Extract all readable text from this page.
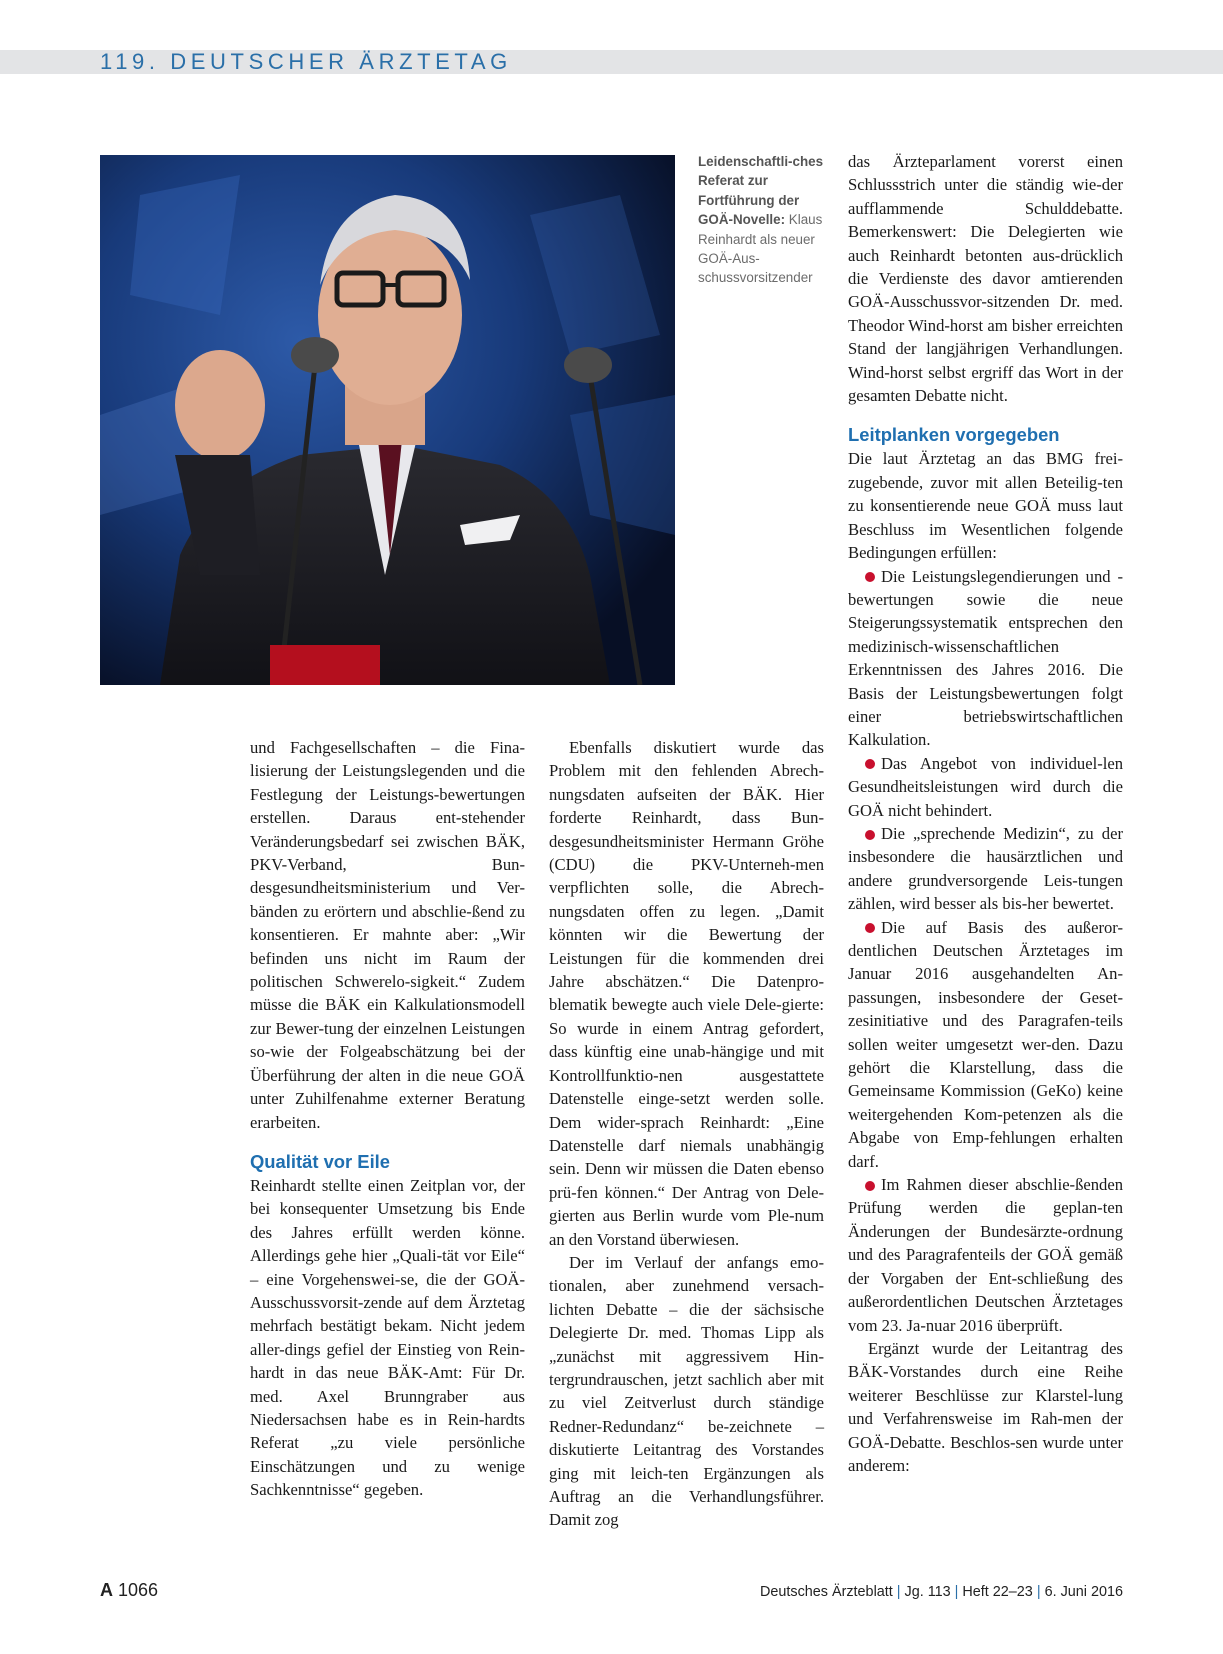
119. DEUTSCHER ÄRZTETAG
Leidenschaftli-ches Referat zur Fortführung der GOÄ-Novelle: Klaus Reinhardt als neuer GOÄ-Aus-schussvorsitzender

und Fachgesellschaften – die Fina-lisierung der Leistungslegenden und die Festlegung der Leistungs-bewertungen erstellen. Daraus ent-stehender Veränderungsbedarf sei zwischen BÄK, PKV-Verband, Bun-desgesundheitsministerium und Ver-bänden zu erörtern und abschlie-ßend zu konsentieren. Er mahnte aber: „Wir befinden uns nicht im Raum der politischen Schwerelo-sigkeit.“ Zudem müsse die BÄK ein Kalkulationsmodell zur Bewer-tung der einzelnen Leistungen so-wie der Folgeabschätzung bei der Überführung der alten in die neue GOÄ unter Zuhilfenahme externer Beratung erarbeiten.

Qualität vor Eile

Reinhardt stellte einen Zeitplan vor, der bei konsequenter Umsetzung bis Ende des Jahres erfüllt werden könne. Allerdings gehe hier „Quali-tät vor Eile“ – eine Vorgehenswei-se, die der GOÄ-Ausschussvorsit-zende auf dem Ärztetag mehrfach bestätigt bekam. Nicht jedem aller-dings gefiel der Einstieg von Rein-hardt in das neue BÄK-Amt: Für Dr. med. Axel Brunngraber aus Niedersachsen habe es in Rein-hardts Referat „zu viele persönliche Einschätzungen und zu wenige Sachkenntnisse“ gegeben.

Ebenfalls diskutiert wurde das Problem mit den fehlenden Abrech-nungsdaten aufseiten der BÄK. Hier forderte Reinhardt, dass Bun-desgesundheitsminister Hermann Gröhe (CDU) die PKV-Unterneh-men verpflichten solle, die Abrech-nungsdaten offen zu legen. „Damit könnten wir die Bewertung der Leistungen für die kommenden drei Jahre abschätzen.“ Die Datenpro-blematik bewegte auch viele Dele-gierte: So wurde in einem Antrag gefordert, dass künftig eine unab-hängige und mit Kontrollfunktio-nen ausgestattete Datenstelle einge-setzt werden solle. Dem wider-sprach Reinhardt: „Eine Datenstelle darf niemals unabhängig sein. Denn wir müssen die Daten ebenso prü-fen können.“ Der Antrag von Dele-gierten aus Berlin wurde vom Ple-num an den Vorstand überwiesen.

Der im Verlauf der anfangs emo-tionalen, aber zunehmend versach-lichten Debatte – die der sächsische Delegierte Dr. med. Thomas Lipp als „zunächst mit aggressivem Hin-tergrundrauschen, jetzt sachlich aber mit zu viel Zeitverlust durch ständige Redner-Redundanz“ be-zeichnete – diskutierte Leitantrag des Vorstandes ging mit leich-ten Ergänzungen als Auftrag an die Verhandlungsführer. Damit zog

das Ärzteparlament vorerst einen Schlussstrich unter die ständig wie-der aufflammende Schulddebatte. Bemerkenswert: Die Delegierten wie auch Reinhardt betonten aus-drücklich die Verdienste des davor amtierenden GOÄ-Ausschussvor-sitzenden Dr. med. Theodor Wind-horst am bisher erreichten Stand der langjährigen Verhandlungen. Wind-horst selbst ergriff das Wort in der gesamten Debatte nicht.

Leitplanken vorgegeben

Die laut Ärztetag an das BMG frei-zugebende, zuvor mit allen Beteilig-ten zu konsentierende neue GOÄ muss laut Beschluss im Wesentlichen folgende Bedingungen erfüllen:

Die Leistungslegendierungen und -bewertungen sowie die neue Steigerungssystematik entsprechen den medizinisch-wissenschaftlichen Erkenntnissen des Jahres 2016. Die Basis der Leistungsbewertungen folgt einer betriebswirtschaftlichen Kalkulation.

Das Angebot von individuel-len Gesundheitsleistungen wird durch die GOÄ nicht behindert.

Die „sprechende Medizin“, zu der insbesondere die hausärztlichen und andere grundversorgende Leis-tungen zählen, wird besser als bis-her bewertet.

Die auf Basis des außeror-dentlichen Deutschen Ärztetages im Januar 2016 ausgehandelten An-passungen, insbesondere der Geset-zesinitiative und des Paragrafen-teils sollen weiter umgesetzt wer-den. Dazu gehört die Klarstellung, dass die Gemeinsame Kommission (GeKo) keine weitergehenden Kom-petenzen als die Abgabe von Emp-fehlungen erhalten darf.

Im Rahmen dieser abschlie-ßenden Prüfung werden die geplan-ten Änderungen der Bundesärzte-ordnung und des Paragrafenteils der GOÄ gemäß der Vorgaben der Ent-schließung des außerordentlichen Deutschen Ärztetages vom 23. Ja-nuar 2016 überprüft.

Ergänzt wurde der Leitantrag des BÄK-Vorstandes durch eine Reihe weiterer Beschlüsse zur Klarstel-lung und Verfahrensweise im Rah-men der GOÄ-Debatte. Beschlos-sen wurde unter anderem:

A 1066	Deutsches Ärzteblatt | Jg. 113 | Heft 22–23 | 6. Juni 2016
